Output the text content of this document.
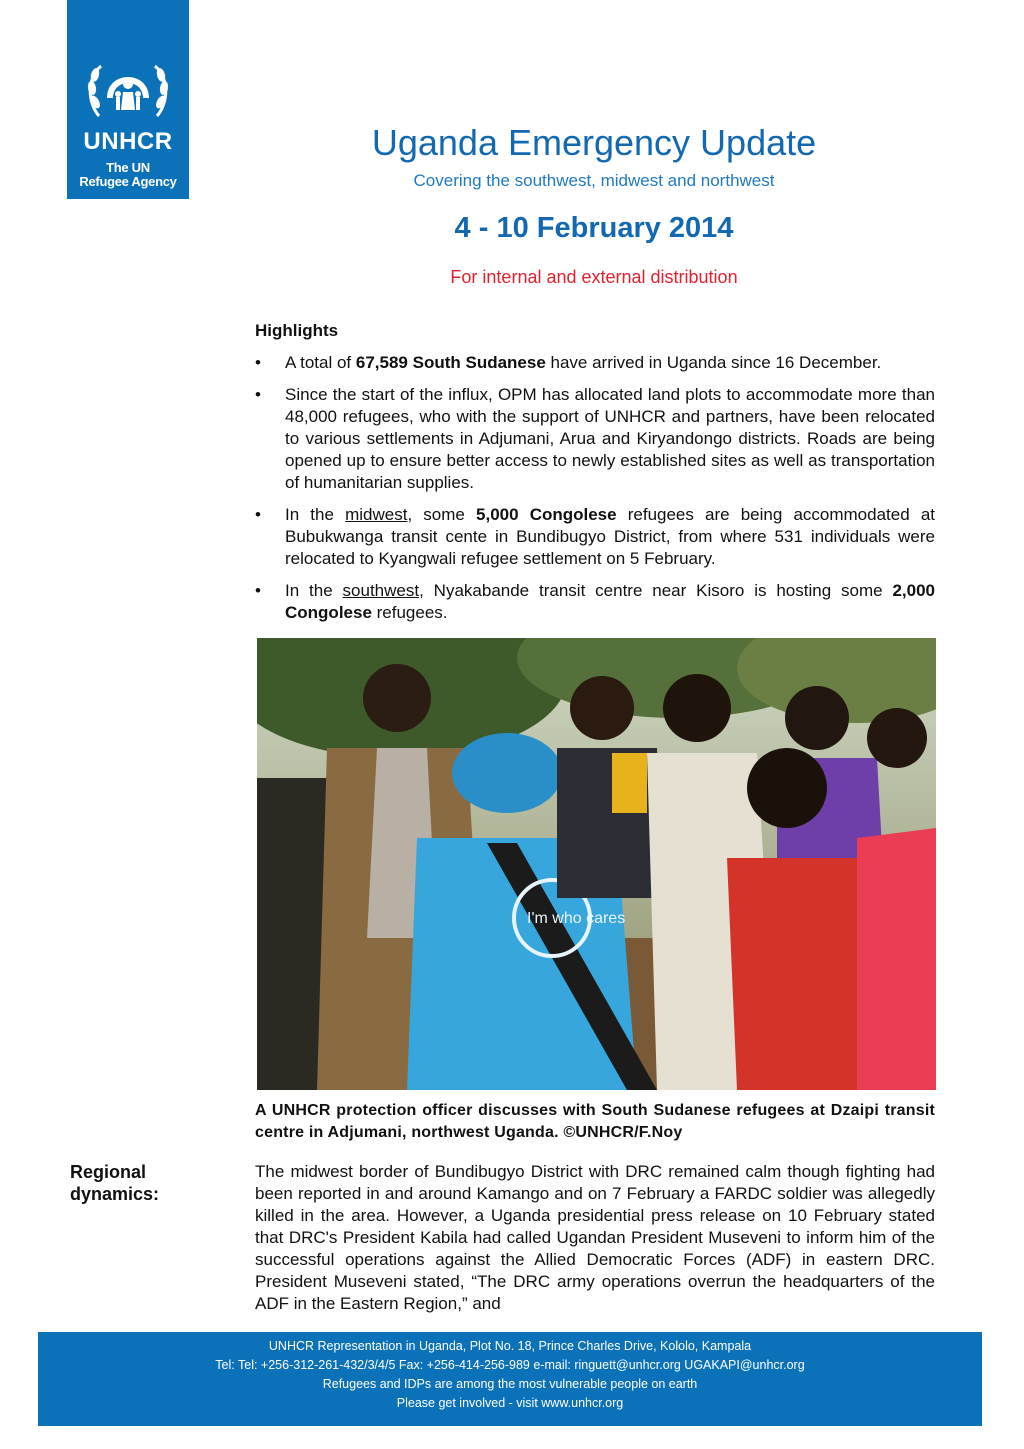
UNHCR
The UN
Refugee Agency
Uganda Emergency Update
Covering the southwest, midwest and northwest
4 - 10 February 2014
For internal and external distribution
Highlights
• A total of 67,589 South Sudanese have arrived in Uganda since 16 December.
• Since the start of the influx, OPM has allocated land plots to accommodate more than 48,000 refugees, who with the support of UNHCR and partners, have been relocated to various settlements in Adjumani, Arua and Kiryandongo districts. Roads are being opened up to ensure better access to newly established sites as well as transportation of humanitarian supplies.
• In the midwest, some 5,000 Congolese refugees are being accommodated at Bubukwanga transit cente in Bundibugyo District, from where 531 individuals were relocated to Kyangwali refugee settlement on 5 February.
• In the southwest, Nyakabande transit centre near Kisoro is hosting some 2,000 Congolese refugees.
I'm who cares
A UNHCR protection officer discusses with South Sudanese refugees at Dzaipi transit centre in Adjumani, northwest Uganda. ©UNHCR/F.Noy
Regional
dynamics:
The midwest border of Bundibugyo District with DRC remained calm though fighting had been reported in and around Kamango and on 7 February a FARDC soldier was allegedly killed in the area. However, a Uganda presidential press release on 10 February stated that DRC's President Kabila had called Ugandan President Museveni to inform him of the successful operations against the Allied Democratic Forces (ADF) in eastern DRC. President Museveni stated, “The DRC army operations overrun the headquarters of the ADF in the Eastern Region,” and
UNHCR Representation in Uganda, Plot No. 18, Prince Charles Drive, Kololo, Kampala
Tel: Tel: +256-312-261-432/3/4/5 Fax: +256-414-256-989 e-mail: ringuett@unhcr.org UGAKAPI@unhcr.org
Refugees and IDPs are among the most vulnerable people on earth
Please get involved - visit www.unhcr.org
